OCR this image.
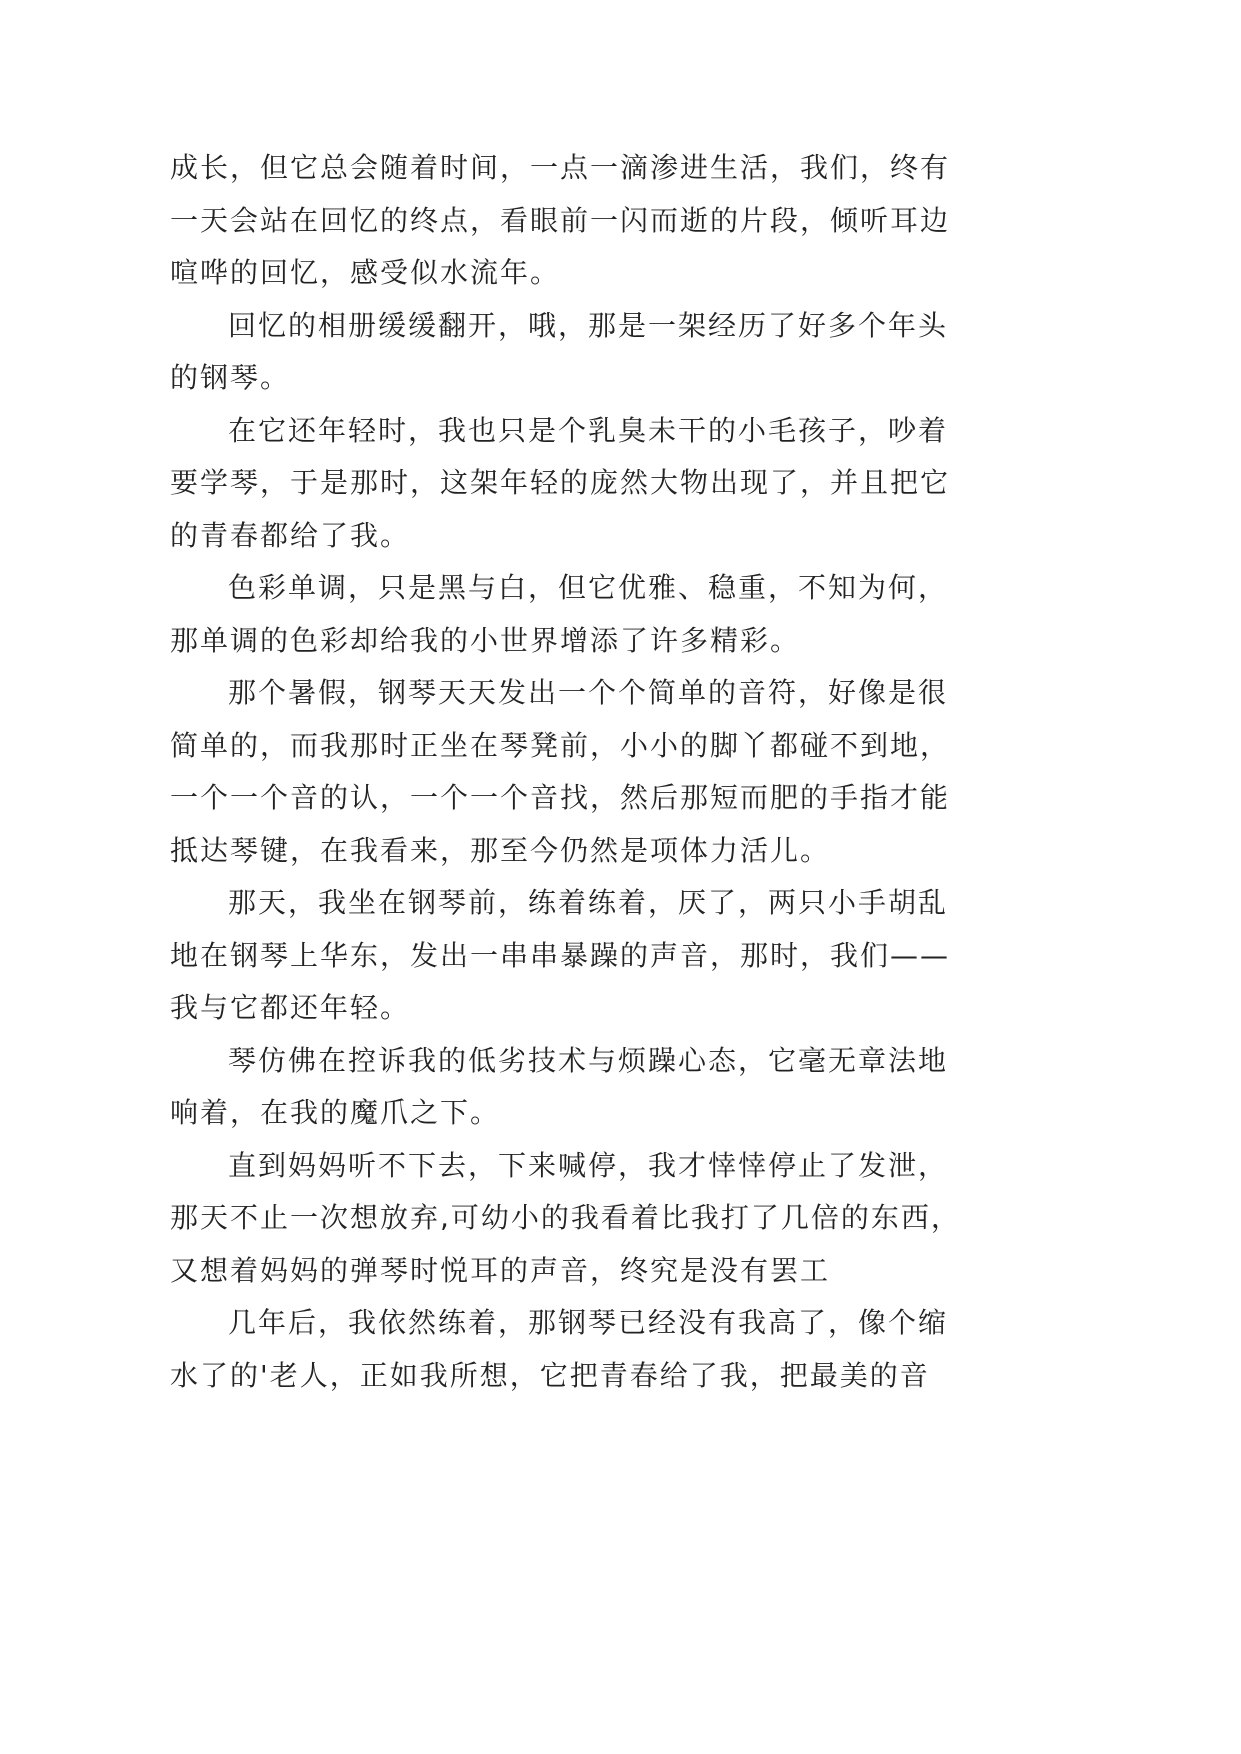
成长，但它总会随着时间，一点一滴渗进生活，我们，终有
一天会站在回忆的终点，看眼前一闪而逝的片段，倾听耳边
喧哗的回忆，感受似水流年。
回忆的相册缓缓翻开，哦，那是一架经历了好多个年头
的钢琴。
在它还年轻时，我也只是个乳臭未干的小毛孩子，吵着
要学琴，于是那时，这架年轻的庞然大物出现了，并且把它
的青春都给了我。
色彩单调，只是黑与白，但它优雅、稳重，不知为何，
那单调的色彩却给我的小世界增添了许多精彩。
那个暑假，钢琴天天发出一个个简单的音符，好像是很
简单的，而我那时正坐在琴凳前，小小的脚丫都碰不到地，
一个一个音的认，一个一个音找，然后那短而肥的手指才能
抵达琴键，在我看来，那至今仍然是项体力活儿。
那天，我坐在钢琴前，练着练着，厌了，两只小手胡乱
地在钢琴上华东，发出一串串暴躁的声音，那时，我们——
我与它都还年轻。
琴仿佛在控诉我的低劣技术与烦躁心态，它毫无章法地
响着，在我的魔爪之下。
直到妈妈听不下去，下来喊停，我才悻悻停止了发泄，
那天不止一次想放弃,可幼小的我看着比我打了几倍的东西，
又想着妈妈的弹琴时悦耳的声音，终究是没有罢工
几年后，我依然练着，那钢琴已经没有我高了，像个缩
水了的'老人，正如我所想，它把青春给了我，把最美的音
